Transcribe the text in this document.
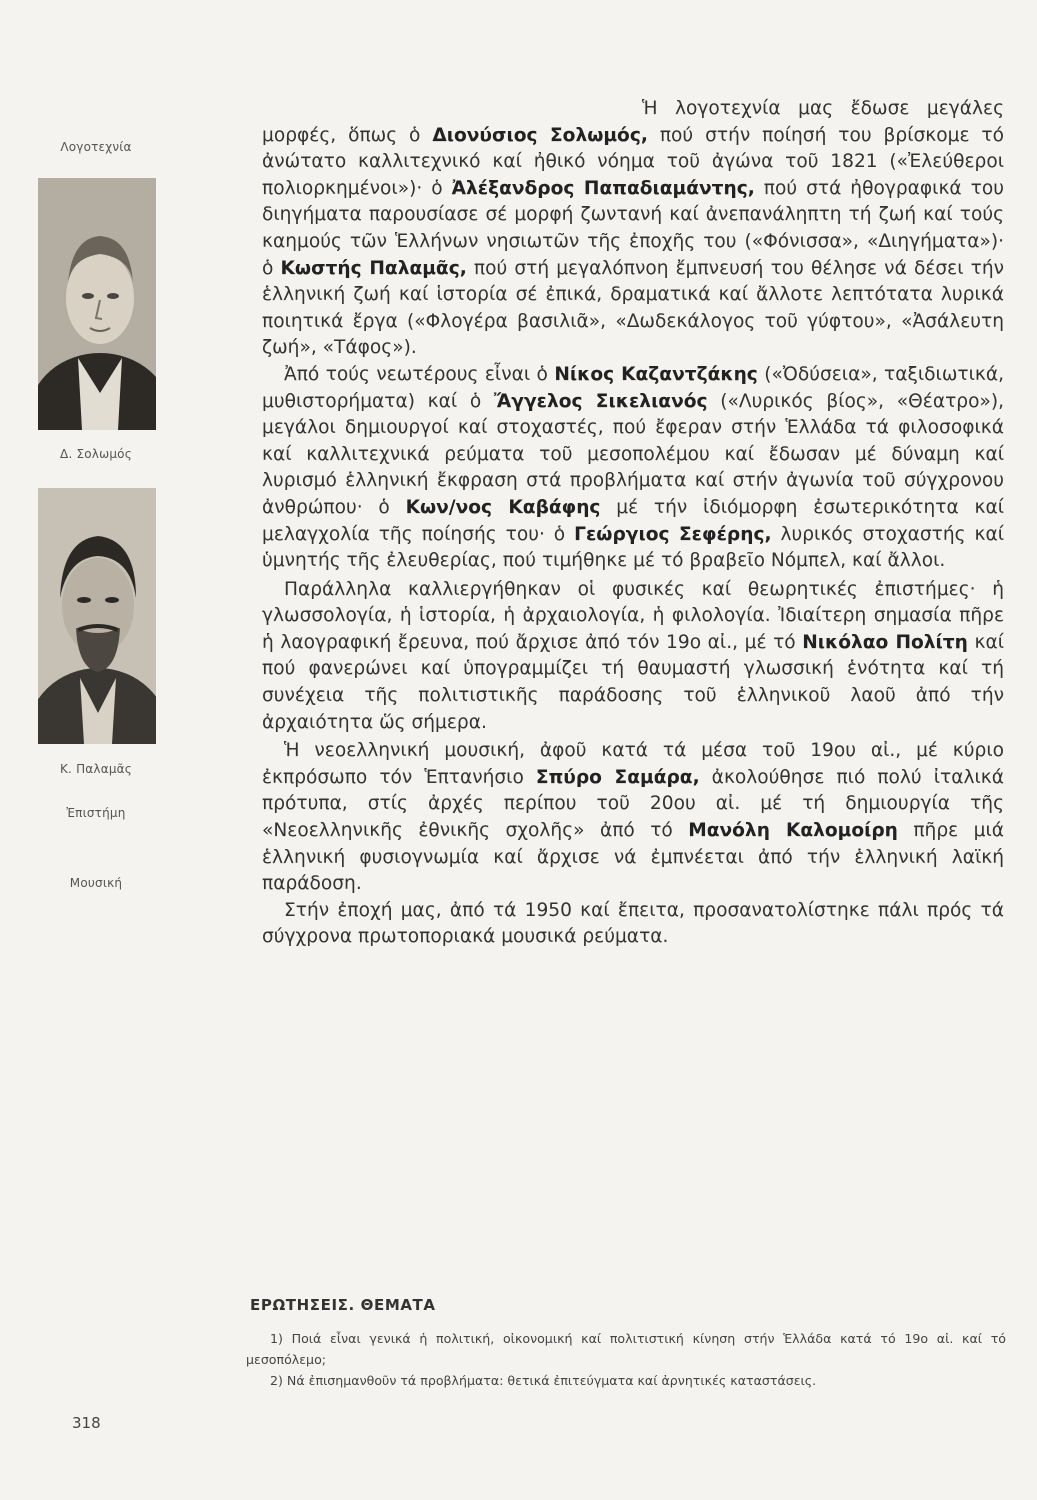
Λογοτεχνία
Δ. Σολωμός
Κ. Παλαμᾶς
Ἐπιστήμη
Μουσική

Ἡ λογοτεχνία μας ἔδωσε μεγάλες μορφές, ὅπως ὁ Διονύσιος Σολωμός, πού στήν ποίησή του βρίσκομε τό ἀνώτατο καλλιτεχνικό καί ἠθικό νόημα τοῦ ἀγώνα τοῦ 1821 («Ἐλεύθεροι πολιορκημένοι»)· ὁ Ἀλέξανδρος Παπαδιαμάντης, πού στά ἠθογραφικά του διηγήματα παρουσίασε σέ μορφή ζωντανή καί ἀνεπανάληπτη τή ζωή καί τούς καημούς τῶν Ἑλλήνων νησιωτῶν τῆς ἐποχῆς του («Φόνισσα», «Διηγήματα»)· ὁ Κωστής Παλαμᾶς, πού στή μεγαλόπνοη ἔμπνευσή του θέλησε νά δέσει τήν ἑλληνική ζωή καί ἱστορία σέ ἐπικά, δραματικά καί ἄλλοτε λεπτότατα λυρικά ποιητικά ἔργα («Φλογέρα βασιλιᾶ», «Δωδεκάλογος τοῦ γύφτου», «Ἀσάλευτη ζωή», «Τάφος»).

Ἀπό τούς νεωτέρους εἶναι ὁ Νίκος Καζαντζάκης («Ὀδύσεια», ταξιδιωτικά, μυθιστορήματα) καί ὁ Ἄγγελος Σικελιανός («Λυρικός βίος», «Θέατρο»), μεγάλοι δημιουργοί καί στοχαστές, πού ἔφεραν στήν Ἑλλάδα τά φιλοσοφικά καί καλλιτεχνικά ρεύματα τοῦ μεσοπολέμου καί ἔδωσαν μέ δύναμη καί λυρισμό ἑλληνική ἔκφραση στά προβλήματα καί στήν ἀγωνία τοῦ σύγχρονου ἀνθρώπου· ὁ Κων/νος Καβάφης μέ τήν ἰδιόμορφη ἐσωτερικότητα καί μελαγχολία τῆς ποίησής του· ὁ Γεώργιος Σεφέρης, λυρικός στοχαστής καί ὑμνητής τῆς ἐλευθερίας, πού τιμήθηκε μέ τό βραβεῖο Νόμπελ, καί ἄλλοι.

Παράλληλα καλλιεργήθηκαν οἱ φυσικές καί θεωρητικές ἐπιστήμες· ἡ γλωσσολογία, ἡ ἱστορία, ἡ ἀρχαιολογία, ἡ φιλολογία. Ἰδιαίτερη σημασία πῆρε ἡ λαογραφική ἔρευνα, πού ἄρχισε ἀπό τόν 19ο αἰ., μέ τό Νικόλαο Πολίτη καί πού φανερώνει καί ὑπογραμμίζει τή θαυμαστή γλωσσική ἑνότητα καί τή συνέχεια τῆς πολιτιστικῆς παράδοσης τοῦ ἑλληνικοῦ λαοῦ ἀπό τήν ἀρχαιότητα ὥς σήμερα.

Ἡ νεοελληνική μουσική, ἀφοῦ κατά τά μέσα τοῦ 19ου αἰ., μέ κύριο ἐκπρόσωπο τόν Ἑπτανήσιο Σπύρο Σαμάρα, ἀκολούθησε πιό πολύ ἰταλικά πρότυπα, στίς ἀρχές περίπου τοῦ 20ου αἰ. μέ τή δημιουργία τῆς «Νεοελληνικῆς ἐθνικῆς σχολῆς» ἀπό τό Μανόλη Καλομοίρη πῆρε μιά ἑλληνική φυσιογνωμία καί ἄρχισε νά ἐμπνέεται ἀπό τήν ἑλληνική λαϊκή παράδοση.

Στήν ἐποχή μας, ἀπό τά 1950 καί ἔπειτα, προσανατολίστηκε πάλι πρός τά σύγχρονα πρωτοποριακά μουσικά ρεύματα.

ΕΡΩΤΗΣΕΙΣ. ΘΕΜΑΤΑ

1) Ποιά εἶναι γενικά ἡ πολιτική, οἰκονομική καί πολιτιστική κίνηση στήν Ἑλλάδα κατά τό 19ο αἰ. καί τό μεσοπόλεμο;

2) Νά ἐπισημανθοῦν τά προβλήματα: θετικά ἐπιτεύγματα καί ἀρνητικές καταστάσεις.

318
